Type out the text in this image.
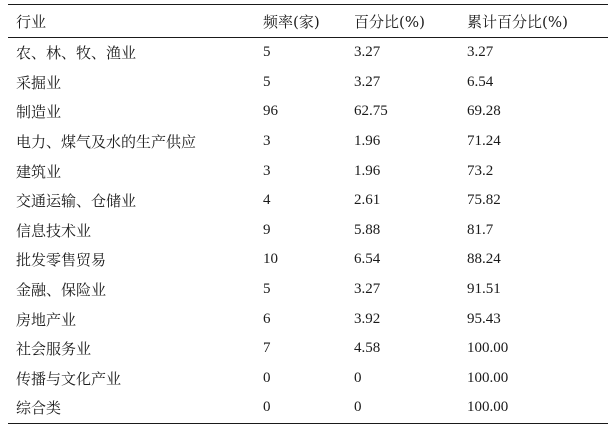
行业	频率(家)	百分比(%)	累计百分比(%)
农、林、牧、渔业	5	3.27	3.27
采掘业	5	3.27	6.54
制造业	96	62.75	69.28
电力、煤气及水的生产供应	3	1.96	71.24
建筑业	3	1.96	73.2
交通运输、仓储业	4	2.61	75.82
信息技术业	9	5.88	81.7
批发零售贸易	10	6.54	88.24
金融、保险业	5	3.27	91.51
房地产业	6	3.92	95.43
社会服务业	7	4.58	100.00
传播与文化产业	0	0	100.00
综合类	0	0	100.00
